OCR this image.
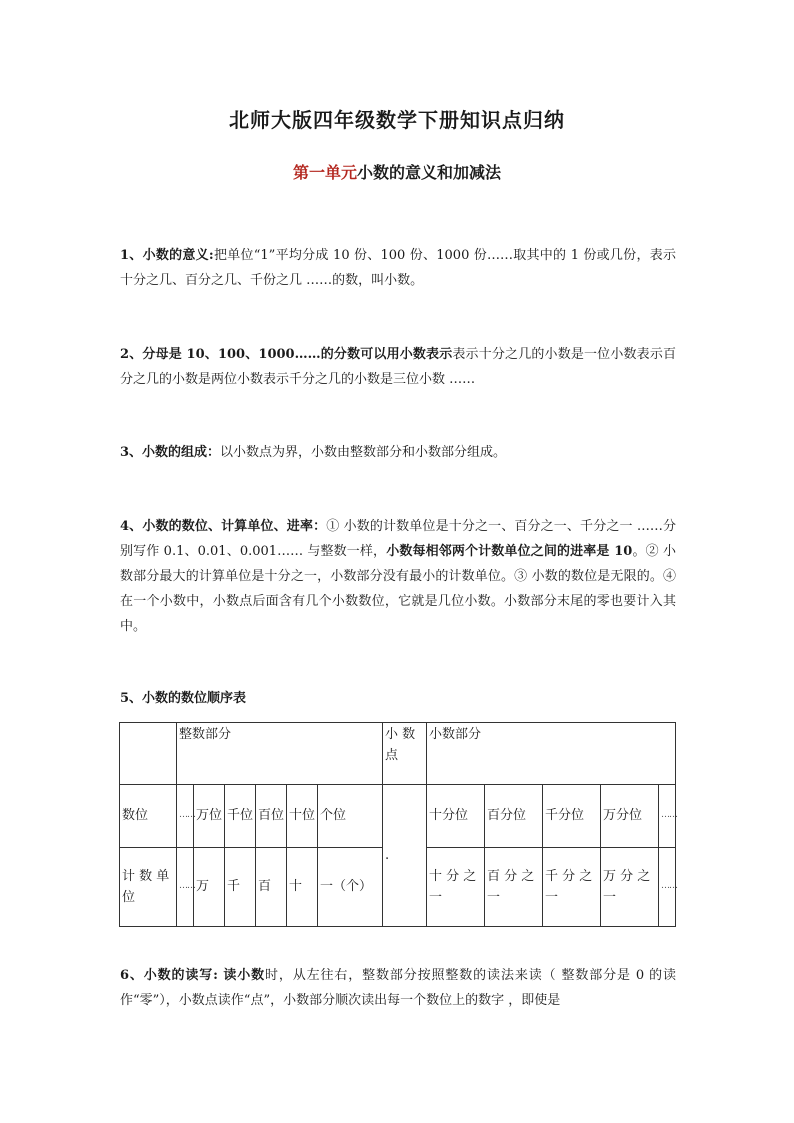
北师大版四年级数学下册知识点归纳
第一单元小数的意义和加减法
1、小数的意义:把单位“1”平均分成 10 份、100 份、1000 份……取其中的 1 份或几份，表示十分之几、百分之几、千份之几 ……的数，叫小数。
2、分母是 10、100、1000……的分数可以用小数表示表示十分之几的小数是一位小数表示百分之几的小数是两位小数表示千分之几的小数是三位小数 ……
3、小数的组成：以小数点为界，小数由整数部分和小数部分组成。
4、小数的数位、计算单位、进率：① 小数的计数单位是十分之一、百分之一、千分之一 ……分别写作 0.1、0.01、0.001…… 与整数一样，小数每相邻两个计数单位之间的进率是 10。② 小数部分最大的计算单位是十分之一，小数部分没有最小的计数单位。③ 小数的数位是无限的。④ 在一个小数中，小数点后面含有几个小数数位，它就是几位小数。小数部分末尾的零也要计入其中。
5、小数的数位顺序表
	整数部分						小 数 点	小数部分				
数位	……	万位	千位	百位	十位	个位	.	十分位	百分位	千分位	万分位	……
计 数 单 位	……	万	千	百	十	一（个）		十 分 之 一	百 分 之 一	千 分 之 一	万 分 之 一	……
6、小数的读写: 读小数时，从左往右，整数部分按照整数的读法来读（ 整数部分是 0 的读作“零”），小数点读作“点”，小数部分顺次读出每一个数位上的数字 ，即使是
